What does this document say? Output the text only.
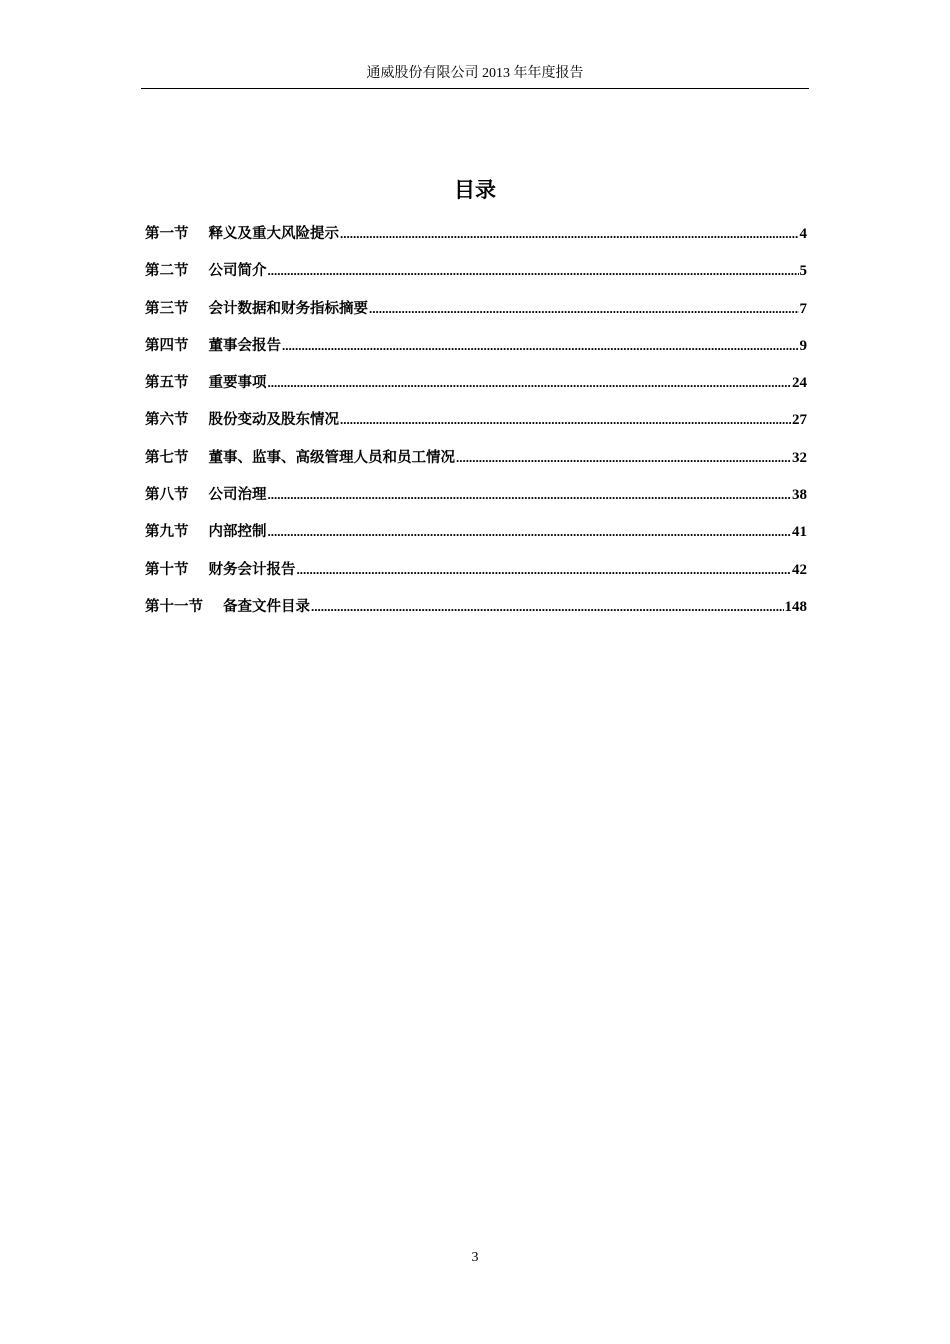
通威股份有限公司 2013 年年度报告
目录
第一节 释义及重大风险提示 .....	4
第二节 公司简介 .....	5
第三节 会计数据和财务指标摘要 .....	7
第四节 董事会报告 .....	9
第五节 重要事项 .....	24
第六节 股份变动及股东情况 .....	27
第七节 董事、监事、高级管理人员和员工情况 .....	32
第八节 公司治理 .....	38
第九节 内部控制 .....	41
第十节 财务会计报告 .....	42
第十一节 备查文件目录 .....	148
3
